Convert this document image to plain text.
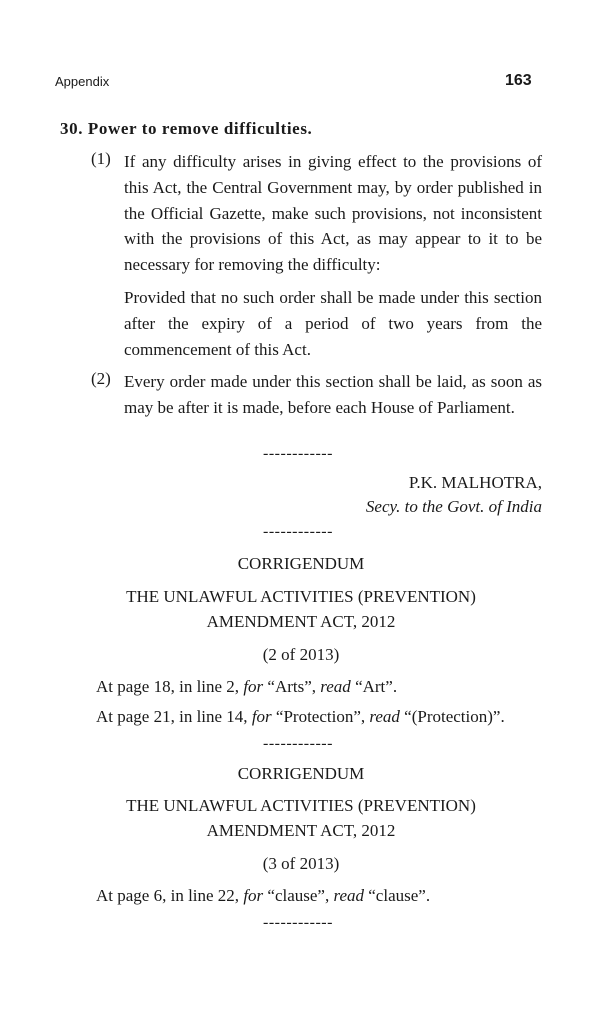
Appendix	163
30. Power to remove difficulties.
(1) If any difficulty arises in giving effect to the provisions of this Act, the Central Government may, by order published in the Official Gazette, make such provisions, not inconsistent with the provisions of this Act, as may appear to it to be necessary for removing the difficulty:
Provided that no such order shall be made under this section after the expiry of a period of two years from the commencement of this Act.
(2) Every order made under this section shall be laid, as soon as may be after it is made, before each House of Parliament.
------------
P.K. MALHOTRA,
Secy. to the Govt. of India
------------
CORRIGENDUM
THE UNLAWFUL ACTIVITIES (PREVENTION)
AMENDMENT ACT, 2012
(2 of 2013)
At page 18, in line 2, for “Arts”, read “Art”.
At page 21, in line 14, for “Protection”, read “(Protection)”.
------------
CORRIGENDUM
THE UNLAWFUL ACTIVITIES (PREVENTION)
AMENDMENT ACT, 2012
(3 of 2013)
At page 6, in line 22, for “clause”, read “clause”.
------------
